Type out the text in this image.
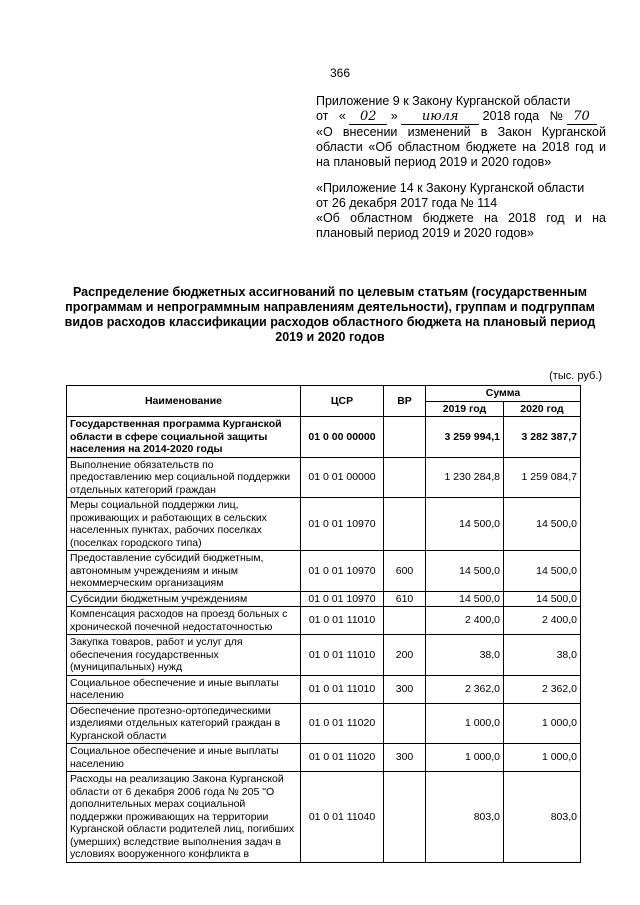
366

Приложение 9 к Закону Курганской области

от « 02 » июля 2018 года № 70

«О внесении изменений в Закон Курганской области «Об областном бюджете на 2018 год и на плановый период 2019 и 2020 годов»

«Приложение 14 к Закону Курганской области

от 26 декабря 2017 года № 114

«Об областном бюджете на 2018 год и на плановый период 2019 и 2020 годов»

Распределение бюджетных ассигнований по целевым статьям (государственным программам и непрограммным направлениям деятельности), группам и подгруппам видов расходов классификации расходов областного бюджета на плановый период 2019 и 2020 годов
(тыс. руб.)
Наименование	ЦСР	ВР	Сумма	
			2019 год	2020 год
Государственная программа Курганской области в сфере социальной защиты населения на 2014-2020 годы	01 0 00 00000		3 259 994,1	3 282 387,7
Выполнение обязательств по предоставлению мер социальной поддержки отдельных категорий граждан	01 0 01 00000		1 230 284,8	1 259 084,7
Меры социальной поддержки лиц, проживающих и работающих в сельских населенных пунктах, рабочих поселках (поселках городского типа)	01 0 01 10970		14 500,0	14 500,0
Предоставление субсидий бюджетным, автономным учреждениям и иным некоммерческим организациям	01 0 01 10970	600	14 500,0	14 500,0
Субсидии бюджетным учреждениям	01 0 01 10970	610	14 500,0	14 500,0
Компенсация расходов на проезд больных с хронической почечной недостаточностью	01 0 01 11010		2 400,0	2 400,0
Закупка товаров, работ и услуг для обеспечения государственных (муниципальных) нужд	01 0 01 11010	200	38,0	38,0
Социальное обеспечение и иные выплаты населению	01 0 01 11010	300	2 362,0	2 362,0
Обеспечение протезно-ортопедическими изделиями отдельных категорий граждан в Курганской области	01 0 01 11020		1 000,0	1 000,0
Социальное обеспечение и иные выплаты населению	01 0 01 11020	300	1 000,0	1 000,0
Расходы на реализацию Закона Курганской области от 6 декабря 2006 года № 205 "О дополнительных мерах социальной поддержки проживающих на территории Курганской области родителей лиц, погибших (умерших) вследствие выполнения задач в условиях вооруженного конфликта в	01 0 01 11040		803,0	803,0
